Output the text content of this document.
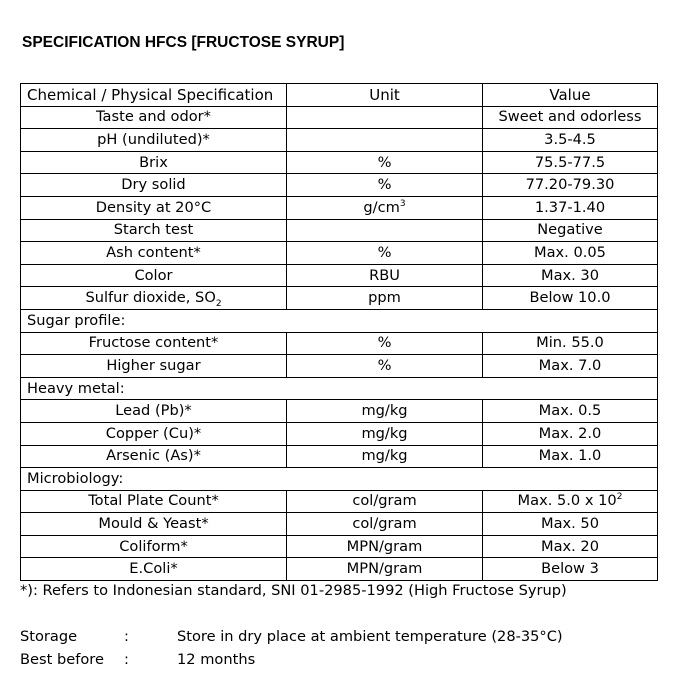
SPECIFICATION HFCS [FRUCTOSE SYRUP]
Chemical / Physical Specification	Unit	Value
Taste and odor*		Sweet and odorless
pH (undiluted)*		3.5-4.5
Brix	%	75.5-77.5
Dry solid	%	77.20-79.30
Density at 20°C	$g/cm^3$	1.37-1.40
Starch test		Negative
Ash content*	%	Max. 0.05
Color	RBU	Max. 30
Sulfur dioxide, $SO_2$	ppm	Below 10.0
Sugar profile:		
Fructose content*	%	Min. 55.0
Higher sugar	%	Max. 7.0
Heavy metal:		
Lead (Pb)*	mg/kg	Max. 0.5
Copper (Cu)*	mg/kg	Max. 2.0
Arsenic (As)*	mg/kg	Max. 1.0
Microbiology:		
Total Plate Count*	col/gram	Max. 5.0 x $10^2$
Mould & Yeast*	col/gram	Max. 50
Coliform*	MPN/gram	Max. 20
E.Coli*	MPN/gram	Below 3
*): Refers to Indonesian standard, SNI 01-2985-1992 (High Fructose Syrup)
Storage	:	Store in dry place at ambient temperature (28-35°C)
Best before :	12 months
